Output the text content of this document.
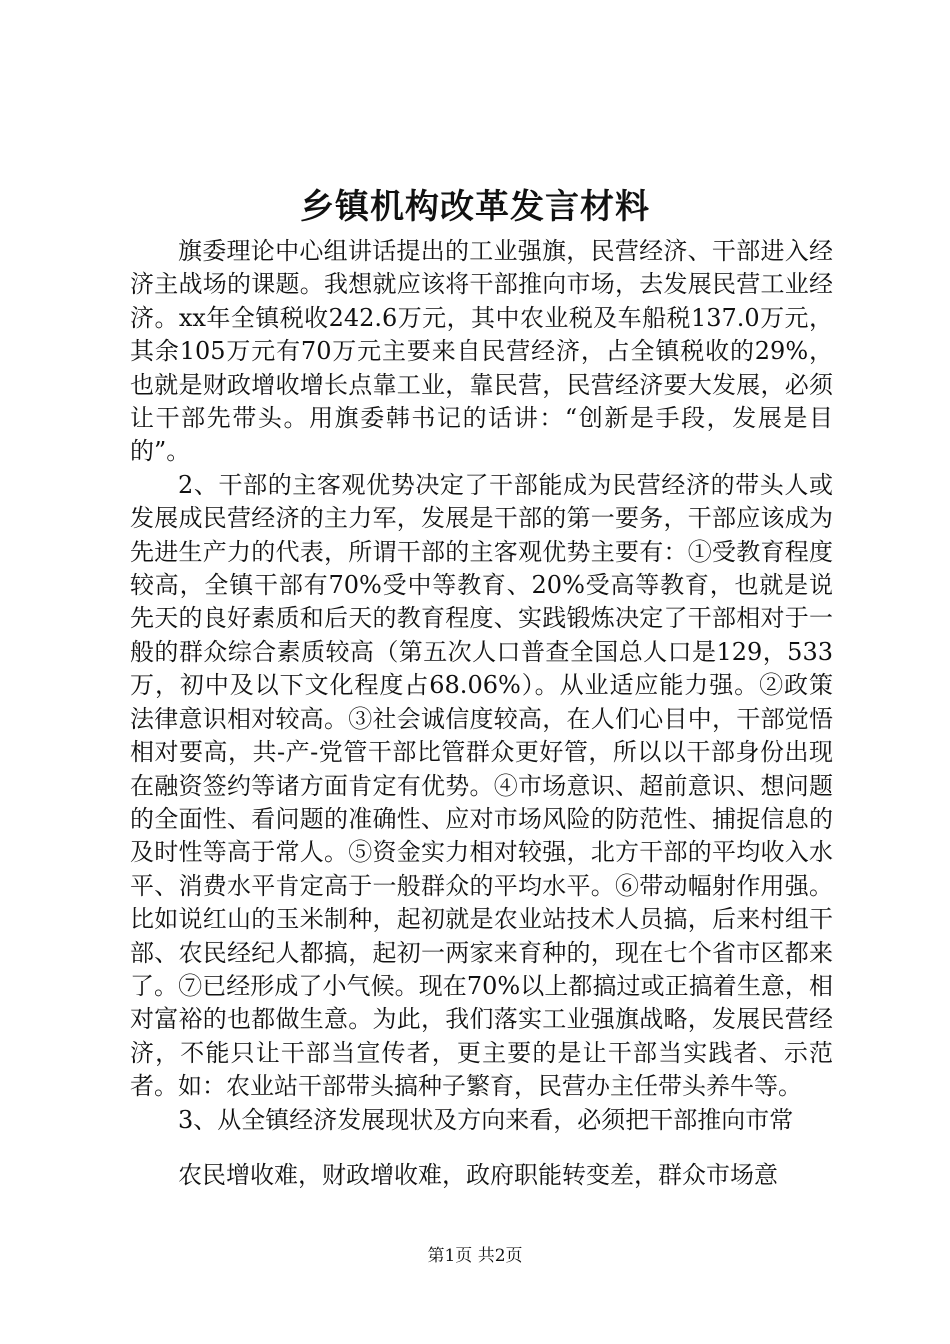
乡镇机构改革发言材料

旗委理论中心组讲话提出的工业强旗，民营经济、干部进入经济主战场的课题。我想就应该将干部推向市场，去发展民营工业经济。xx年全镇税收242.6万元，其中农业税及车船税137.0万元，其余105万元有70万元主要来自民营经济，占全镇税收的29%，也就是财政增收增长点靠工业，靠民营，民营经济要大发展，必须让干部先带头。用旗委韩书记的话讲：“创新是手段，发展是目的”。

2、干部的主客观优势决定了干部能成为民营经济的带头人或发展成民营经济的主力军，发展是干部的第一要务，干部应该成为先进生产力的代表，所谓干部的主客观优势主要有：①受教育程度较高，全镇干部有70%受中等教育、20%受高等教育，也就是说先天的良好素质和后天的教育程度、实践锻炼决定了干部相对于一般的群众综合素质较高（第五次人口普查全国总人口是129，533万，初中及以下文化程度占68.06%）。从业适应能力强。②政策法律意识相对较高。③社会诚信度较高，在人们心目中，干部觉悟相对要高，共-产-党管干部比管群众更好管，所以以干部身份出现在融资签约等诸方面肯定有优势。④市场意识、超前意识、想问题的全面性、看问题的准确性、应对市场风险的防范性、捕捉信息的及时性等高于常人。⑤资金实力相对较强，北方干部的平均收入水平、消费水平肯定高于一般群众的平均水平。⑥带动幅射作用强。比如说红山的玉米制种，起初就是农业站技术人员搞，后来村组干部、农民经纪人都搞，起初一两家来育种的，现在七个省市区都来了。⑦已经形成了小气候。现在70%以上都搞过或正搞着生意，相对富裕的也都做生意。为此，我们落实工业强旗战略，发展民营经济，不能只让干部当宣传者，更主要的是让干部当实践者、示范者。如：农业站干部带头搞种子繁育，民营办主任带头养牛等。

3、从全镇经济发展现状及方向来看，必须把干部推向市常

农民增收难，财政增收难，政府职能转变差，群众市场意

第1页 共2页
